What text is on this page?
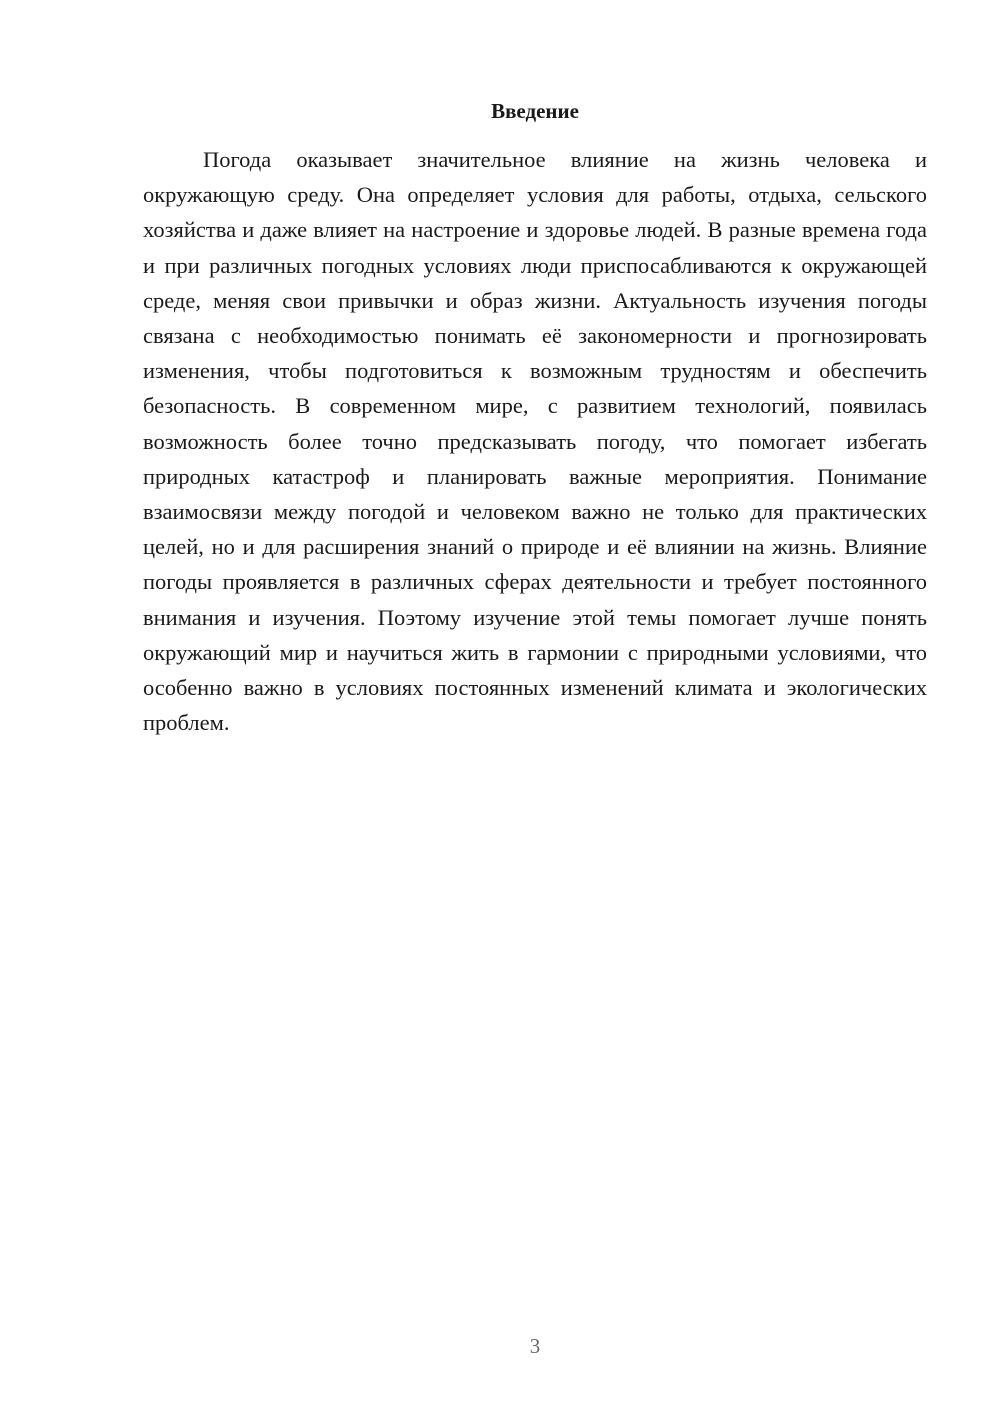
Введение

Погода оказывает значительное влияние на жизнь человека и окружающую среду. Она определяет условия для работы, отдыха, сельского хозяйства и даже влияет на настроение и здоровье людей. В разные времена года и при различных погодных условиях люди приспосабливаются к окружающей среде, меняя свои привычки и образ жизни. Актуальность изучения погоды связана с необходимостью понимать её закономерности и прогнозировать изменения, чтобы подготовиться к возможным трудностям и обеспечить безопасность. В современном мире, с развитием технологий, появилась возможность более точно предсказывать погоду, что помогает избегать природных катастроф и планировать важные мероприятия. Понимание взаимосвязи между погодой и человеком важно не только для практических целей, но и для расширения знаний о природе и её влиянии на жизнь. Влияние погоды проявляется в различных сферах деятельности и требует постоянного внимания и изучения. Поэтому изучение этой темы помогает лучше понять окружающий мир и научиться жить в гармонии с природными условиями, что особенно важно в условиях постоянных изменений климата и экологических проблем.

3
